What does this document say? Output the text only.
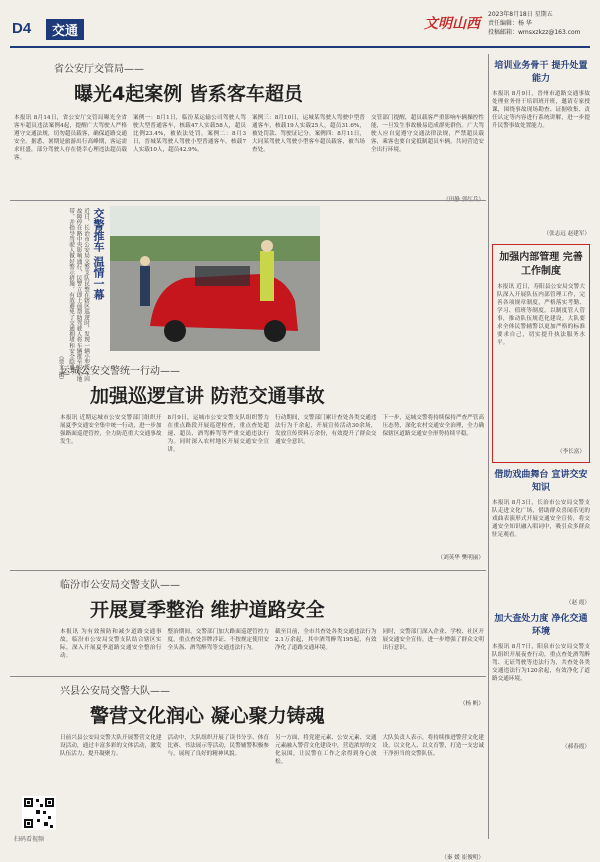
D4	交通	文明山西
2023年8月18日 星期五
责任编辑：杨 华
投稿邮箱：wmsxzkzz@163.com
省公安厅交管局——
曝光4起案例 皆系客车超员
本报讯 8月14日，省公安厅交管局曝光全省客车超员违法案例4起，提醒广大驾驶人严格遵守交通法规，切勿超员载客，确保道路交通安全。据悉，暑期是旅游出行高峰期，客运需求旺盛，部分驾驶人存在侥幸心理违法超员载客。
案例一：8月1日，临汾某运输公司驾驶人驾驶大型普通客车，核载47人实载58人，超员比例23.4%，被依法处罚。案例二：8月3日，晋城某驾驶人驾驶小型普通客车，核载7人实载10人，超员42.9%。
案例三：8月10日，运城某驾驶人驾驶中型普通客车，核载19人实载25人，超员31.6%，被处罚款、驾驶证记分。案例四：8月11日，大同某驾驶人驾驶小型客车超员载客，被当场查处。
交管部门提醒，超员载客严重影响车辆操控性能，一旦发生事故极易造成群死群伤。广大驾驶人应自觉遵守交通法律法规，严禁超员载客，乘客也要自觉抵制超员车辆，共同营造安全出行环境。
（田静 郭红兵）
交警推车 温情一幕
近日，长治市公安局交警支队民警在辖区巡逻时，发现一辆小型轿车因故障停在路中央影响通行，民警立即上前帮助驾驶人将车辆推至安全地带，并指导驾驶人做好警示措施，有效避免了交通拥堵和安全隐患。
（贾文 摄）
运城公安交警统一行动——
加强巡逻宣讲 防范交通事故
本报讯 近期运城市公安交警部门组织开展夏季交通安全集中统一行动，进一步加强路面巡逻管控，全力防范重大交通事故发生。
8月9日，运城市公安交警支队组织警力在重点路段开展巡逻检查，重点查处超速、超员、酒驾醉驾等严重交通违法行为。同时深入农村地区开展交通安全宣讲。
行动期间，交警部门累计查处各类交通违法行为千余起，开展宣传活动30余场，发放宣传资料万余份，有效提升了群众交通安全意识。
下一步，运城交警将持续保持严查严管高压态势，深化农村交通安全治理，全力确保辖区道路交通安全形势持续平稳。
（刘英华 樊明丽）
临汾市公安局交警支队——
开展夏季整治 维护道路安全
本报讯 为有效预防和减少道路交通事故，临汾市公安局交警支队结合辖区实际，深入开展夏季道路交通安全整治行动。
整治期间，交警部门加大路面巡逻管控力度，重点查处涉牌涉证、不按规定使用安全头盔、酒驾醉驾等交通违法行为。
截至目前，全市共查处各类交通违法行为2.1万余起，其中酒驾醉驾195起，有效净化了道路交通环境。
同时，交警部门深入企业、学校、社区开展交通安全宣传，进一步增强了群众文明出行意识。
（杨 帆）
兴县公安局交警大队——
警营文化润心 凝心聚力铸魂
日前兴县公安局交警大队开展警营文化建设活动，通过丰富多彩的文体活动，激发队伍活力，提升凝聚力。
活动中，大队组织开展了读书分享、体育比赛、书法展示等活动，民警辅警积极参与，展现了良好的精神风貌。
另一方面，将党建元素、公安元素、交通元素融入警营文化建设中，营造浓厚的文化氛围，让民警在工作之余得到身心放松。
大队负责人表示，将持续推进警营文化建设，以文化人、以文育警，打造一支忠诚干净担当的交警队伍。
（秦 媛 崔俊明）
扫码看视频
培训业务骨干 提升处置能力
本报讯 8月9日，晋州市道路交通事故处理业务骨干培训班开班，邀请专家授课，围绕事故现场勘查、证据收集、责任认定等内容进行系统讲解，进一步提升民警事故处置能力。
（张志远 赵建军）
加强内部管理 完善工作制度
本报讯 近日，寿阳县公安局交警大队深入开展队伍内部管理工作，完善各项规章制度，严格落实考勤、学习、值班等制度，以制度管人管事，推动队伍规范化建设。大队要求全体民警辅警以更加严格的标准要求自己，切实提升执法服务水平。
（李长富）
借助戏曲舞台 宣讲交安知识
本报讯 8月3日，长治市公安局交警支队走进文化广场，借助群众喜闻乐见的戏曲表演形式开展交通安全宣传，将交通安全知识融入唱词中，吸引众多群众驻足观看。
（赵 霞）
加大查处力度 净化交通环境
本报讯 8月7日，阳泉市公安局交警支队组织开展夜查行动，重点查处酒驾醉驾、无证驾驶等违法行为，共查处各类交通违法行为120余起，有效净化了道路交通环境。
（郝春霞）
